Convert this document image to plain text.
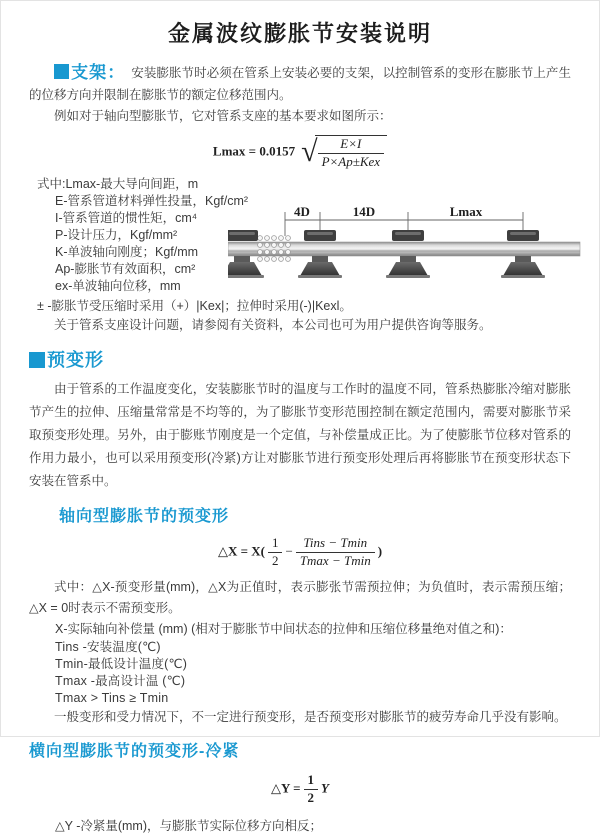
金属波纹膨胀节安装说明

支架： 安装膨胀节时必须在管系上安装必要的支架，以控制管系的变形在膨胀节上产生的位移方向并限制在膨胀节的额定位移范围内。

例如对于轴向型膨胀节，它对管系支座的基本要求如图所示：

Lmax = 0.0157 √ $\frac{E\times I}{\text{P×Ap±Kex}}$

式中:Lmax-最大导向间距，m

E-管系管道材料弹性投量，Kgf/cm²

I-管系管道的惯性矩，cm⁴

P-设计压力，Kgf/mm²

K-单波轴向刚度；Kgf/mm

Ap-膨胀节有效面积，cm²

ex-单波轴向位移，mm

± -膨胀节受压缩时采用（+）|Kex|；拉伸时采用(-)|Kexl。

4D	14D	Lmax

关于管系支座设计问题，请参阅有关资料，本公司也可为用户提供咨询等服务。

预变形

由于管系的工作温度变化，安装膨胀节时的温度与工作时的温度不同，管系热膨胀冷缩对膨胀节产生的拉伸、压缩量常常是不均等的，为了膨胀节变形范围控制在额定范围内，需要对膨胀节采取预变形处理。另外，由于膨账节刚度是一个定值，与补偿量成正比。为了使膨胀节位移对管系的作用力最小，也可以采用预变形(冷紧)方让对膨胀节进行预变形处理后再将膨胀节在预变形状态下安装在管系中。

轴向型膨胀节的预变形
△X = $X( \frac{1}{2} - \frac{\text{Tins − Tmin}}{Tmax - Tmin}$ )

式中：△X-预变形量(mm)，△X为正值时，表示膨张节需预拉伸；为负值时，表示需预压缩；△X = 0时表示不需预变形。

X-实际轴向补偿量 (mm) (相对于膨胀节中间状态的拉伸和压缩位移量绝对值之和)：

Tins -安装温度(℃)

Tmin-最低设计温度(℃)

Tmax -最高设计温 (℃)

Tmax > Tins ≥ Tmin

一般变形和受力情况下，不一定进行预变形，是否预变形对膨胀节的疲劳寿命几乎没有影响。

横向型膨胀节的预变形-冷紧
△Y = $\frac{1}{2}$ Y

△Y -冷紧量(mm)，与膨胀节实际位移方向相反；
